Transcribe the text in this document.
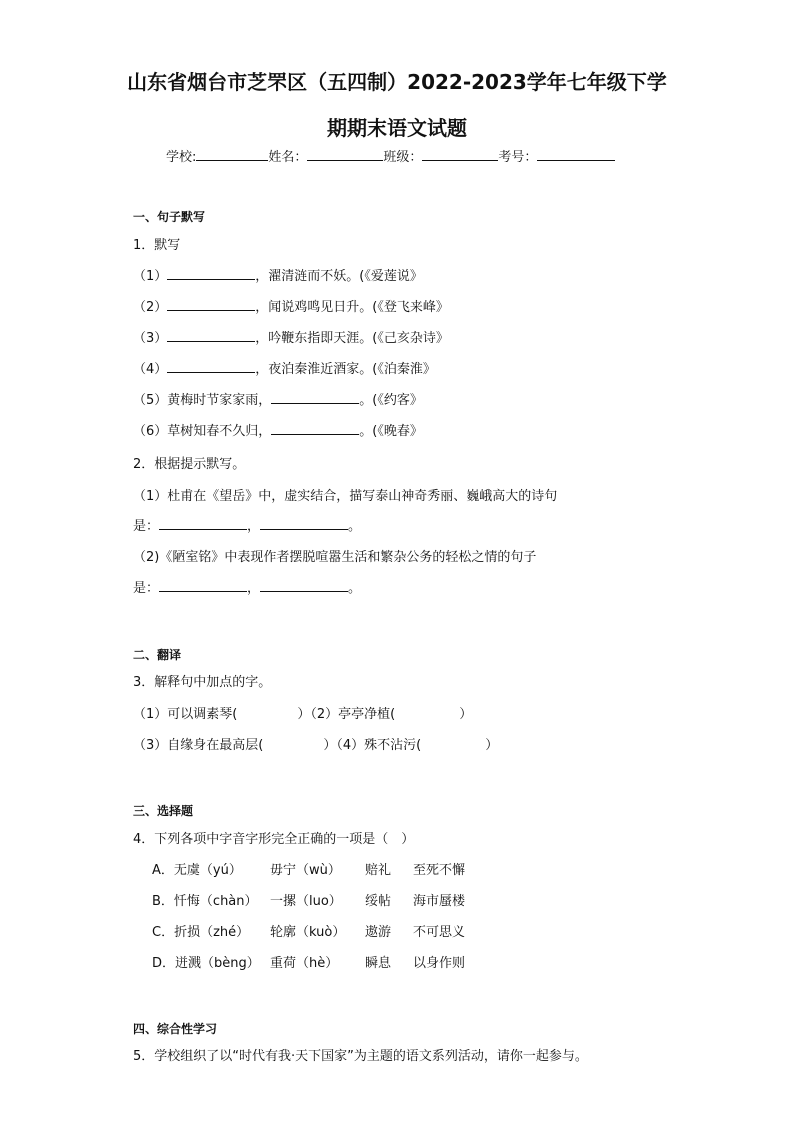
山东省烟台市芝罘区（五四制）2022-2023学年七年级下学
期期末语文试题
学校:	姓名：	班级：	考号：
一、句子默写
1．默写
（1）	，濯清涟而不妖。(《爱莲说》
（2）	，闻说鸡鸣见日升。(《登飞来峰》
（3）	，吟鞭东指即天涯。(《己亥杂诗》
（4）	，夜泊秦淮近酒家。(《泊秦淮》
（5）黄梅时节家家雨，	。(《约客》
（6）草树知春不久归，	。(《晚春》
2．根据提示默写。
（1）杜甫在《望岳》中，虚实结合，描写泰山神奇秀丽、巍峨高大的诗句
是：	，	。
（2)《陋室铭》中表现作者摆脱喧嚣生活和繁杂公务的轻松之情的句子
是：	，	。
二、翻译
3．解释句中加点的字。
（1）可以调素琴(	）（2）亭亭净植(	）
（3）自缘身在最高层(	）（4）殊不沾污(	）
三、选择题
4．下列各项中字音字形完全正确的一项是（　）
A．无虞（yú） 毋宁（wù） 赔礼 至死不懈
B．忏悔（chàn） 一摞（luo） 绥帖 海市蜃楼
C．折损（zhé） 轮廓（kuò） 遨游 不可思义
D．迸溅（bèng） 重荷（hè） 瞬息 以身作则
四、综合性学习
5．学校组织了以“时代有我·天下国家”为主题的语文系列活动，请你一起参与。
